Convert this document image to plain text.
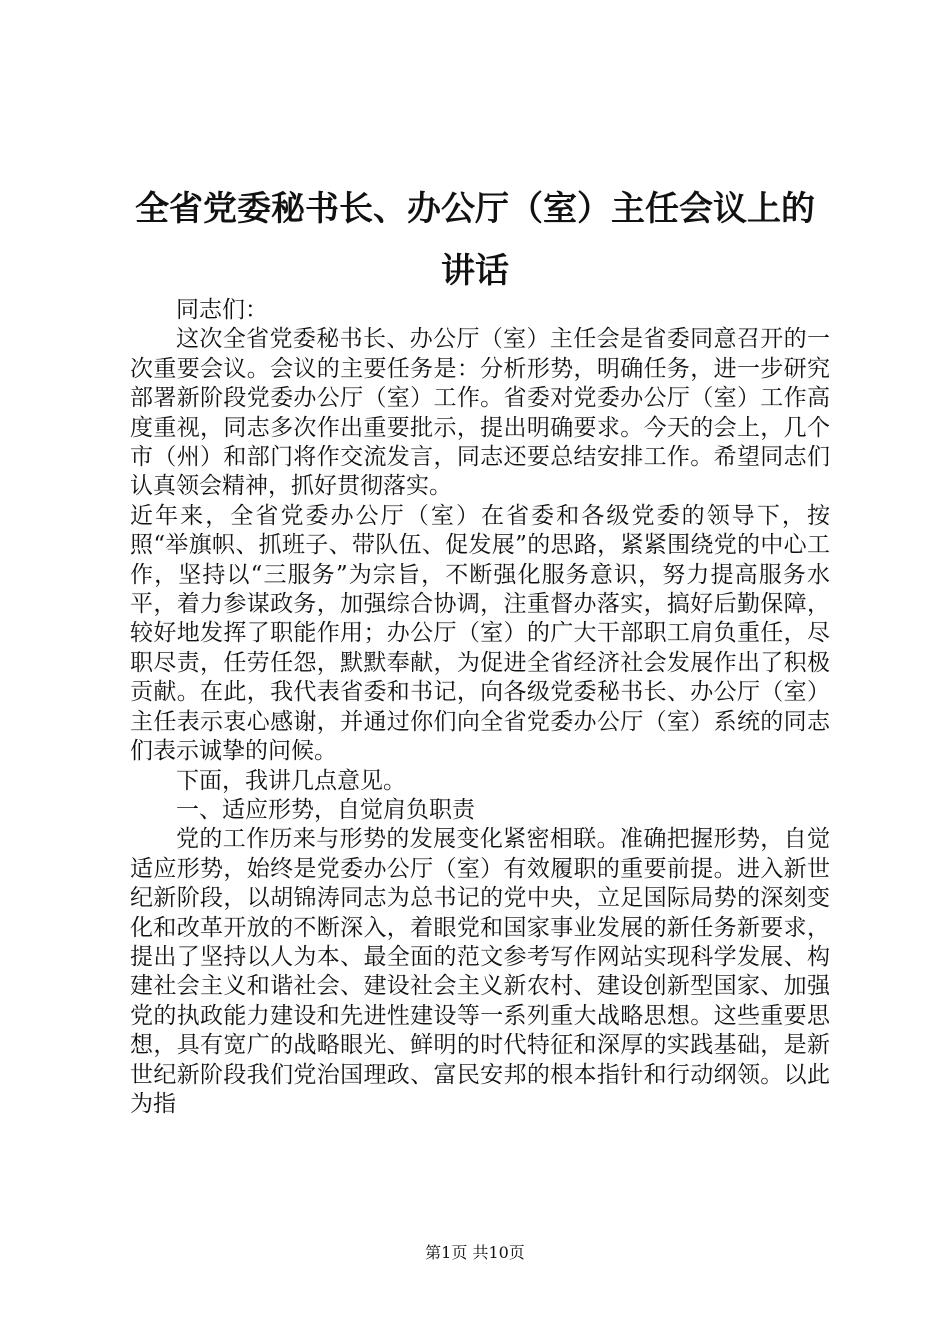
全省党委秘书长、办公厅（室）主任会议上的
讲话

同志们：

这次全省党委秘书长、办公厅（室）主任会是省委同意召开的一次重要会议。会议的主要任务是：分析形势，明确任务，进一步研究部署新阶段党委办公厅（室）工作。省委对党委办公厅（室）工作高度重视，同志多次作出重要批示，提出明确要求。今天的会上，几个市（州）和部门将作交流发言，同志还要总结安排工作。希望同志们认真领会精神，抓好贯彻落实。

近年来，全省党委办公厅（室）在省委和各级党委的领导下，按照“举旗帜、抓班子、带队伍、促发展”的思路，紧紧围绕党的中心工作，坚持以“三服务”为宗旨，不断强化服务意识，努力提高服务水平，着力参谋政务，加强综合协调，注重督办落实，搞好后勤保障，较好地发挥了职能作用；办公厅（室）的广大干部职工肩负重任，尽职尽责，任劳任怨，默默奉献，为促进全省经济社会发展作出了积极贡献。在此，我代表省委和书记，向各级党委秘书长、办公厅（室）主任表示衷心感谢，并通过你们向全省党委办公厅（室）系统的同志们表示诚挚的问候。

下面，我讲几点意见。

一、适应形势，自觉肩负职责

党的工作历来与形势的发展变化紧密相联。准确把握形势，自觉适应形势，始终是党委办公厅（室）有效履职的重要前提。进入新世纪新阶段，以胡锦涛同志为总书记的党中央，立足国际局势的深刻变化和改革开放的不断深入，着眼党和国家事业发展的新任务新要求，提出了坚持以人为本、最全面的范文参考写作网站实现科学发展、构建社会主义和谐社会、建设社会主义新农村、建设创新型国家、加强党的执政能力建设和先进性建设等一系列重大战略思想。这些重要思想，具有宽广的战略眼光、鲜明的时代特征和深厚的实践基础，是新世纪新阶段我们党治国理政、富民安邦的根本指针和行动纲领。以此为指

第1页 共10页
